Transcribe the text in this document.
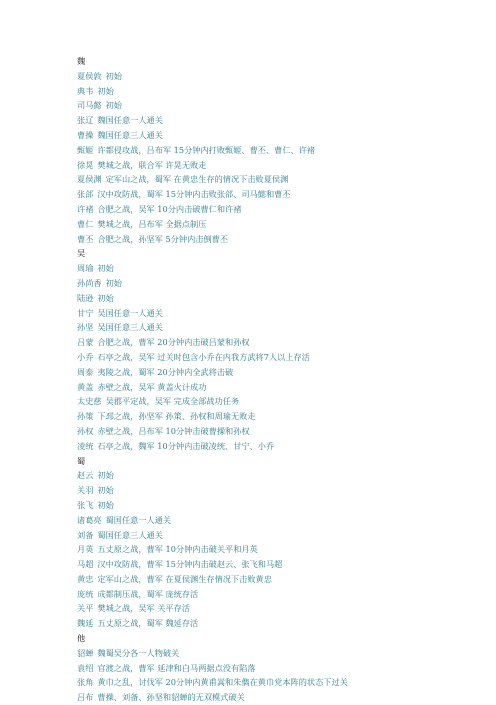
魏
夏侯敦 初始
典韦 初始
司马懿 初始
张辽 魏国任意一人通关
曹操 魏国任意三人通关
甄姬 许都侵攻战，吕布军 15分钟内打败甄姬、曹丕、曹仁、许褚
徐晃 樊城之战，联合军 许晃无败走
夏侯渊 定军山之战，蜀军 在黄忠生存的情况下击败夏侯渊
张郃 汉中攻防战，蜀军 15分钟内击败张郃、司马懿和曹丕
许褚 合肥之战，吴军 10分内击破曹仁和许褚
曹仁 樊城之战，吕布军 全据点制压
曹丕 合肥之战，孙坚军 5分钟内击倒曹丕
吴
周瑜 初始
孙尚香 初始
陆逊 初始
甘宁 吴国任意一人通关
孙坚 吴国任意三人通关
吕蒙 合肥之战，曹军 20分钟内击破吕蒙和孙权
小乔 石亭之战，吴军 过关时包含小乔在内我方武将7人以上存活
周泰 夷陵之战，蜀军 20分钟内全武将击破
黄盖 赤壁之战，吴军 黄盖火计成功
太史慈 吴郡平定战，吴军 完成全部战功任务
孙策 下邳之战，孙坚军 孙策、孙权和周瑜无败走
孙权 赤壁之战，吕布军 10分钟击破曹操和孙权
凌统 石亭之战，魏军 10分钟内击破凌统、甘宁、小乔
蜀
赵云 初始
关羽 初始
张飞 初始
诸葛亮 蜀国任意一人通关
刘备 蜀国任意三人通关
月英 五丈原之战，曹军 10分钟内击破关平和月英
马超 汉中攻防战，曹军 15分钟内击破赵云、张飞和马超
黄忠 定军山之战，曹军 在夏侯渊生存情况下击败黄忠
庞统 成都制压战，蜀军 庞统存活
关平 樊城之战，吴军 关平存活
魏延 五丈原之战，蜀军 魏延存活
他
貂蝉 魏蜀吴分各一人物破关
袁绍 官渡之战，曹军 延津和白马两据点没有陷落
张角 黄巾之乱，讨伐军 20分钟内黄甫嵩和朱儁在黄巾党本阵的状态下过关
吕布 曹操、刘备、孙坚和貂蝉的无双模式破关
